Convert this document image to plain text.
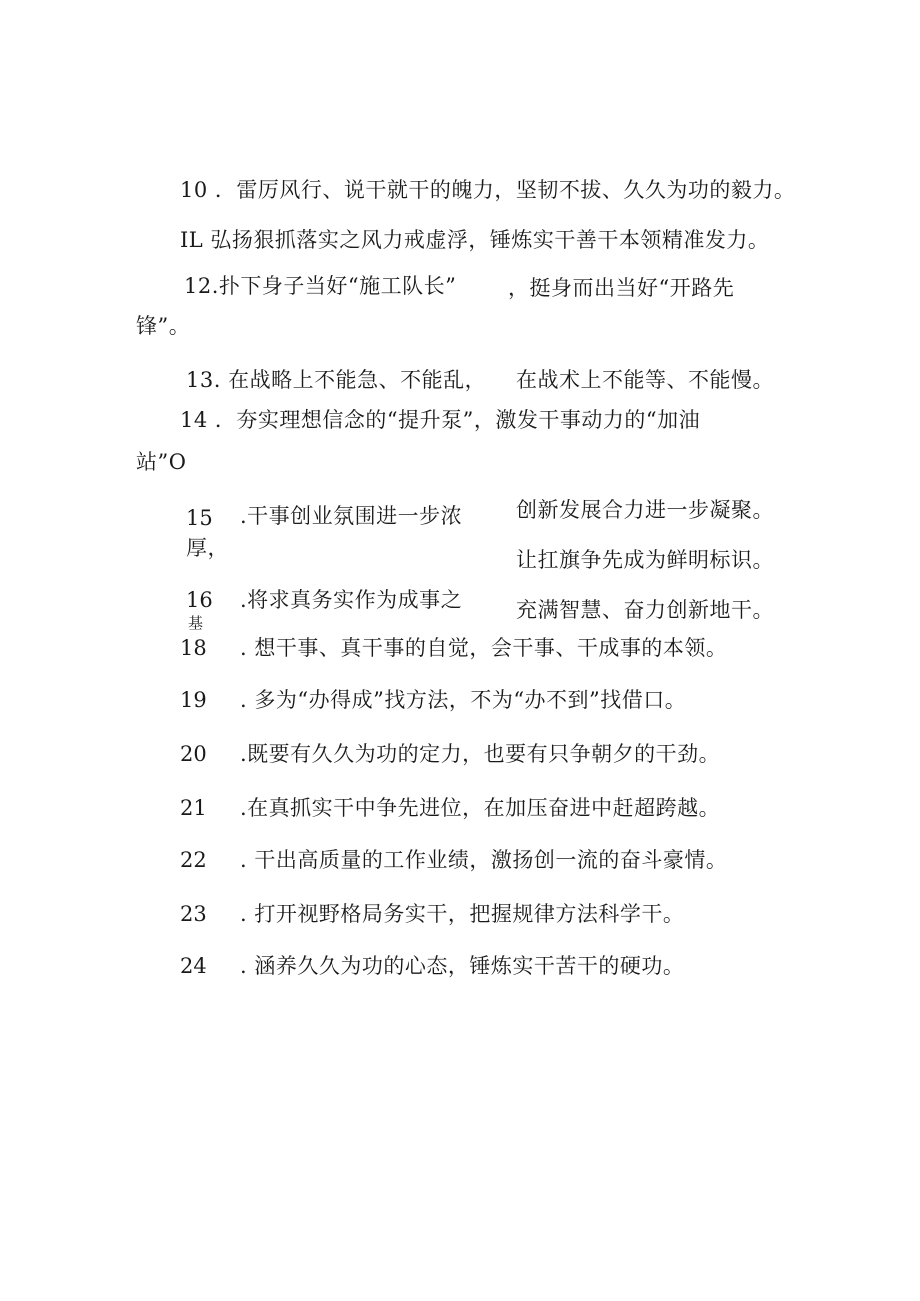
10 ．雷厉风行、说干就干的魄力，坚韧不拔、久久为功的毅力。
IL 弘扬狠抓落实之风力戒虚浮，锤炼实干善干本领精准发力。
12.扑下身子当好“施工队长” ，挺身而出当好“开路先
锋”。
13. 在战略上不能急、不能乱， 在战术上不能等、不能慢。
14 ．夯实理想信念的“提升泵”，激发干事动力的“加油
站”O
15 .干事创业氛围进一步浓
厚，
创新发展合力进一步凝聚。
让扛旗争先成为鲜明标识。
16 .将求真务实作为成事之
基
充满智慧、奋力创新地干。
18 . 想干事、真干事的自觉，会干事、干成事的本领。
19 . 多为“办得成”找方法，不为“办不到”找借口。
20 .既要有久久为功的定力，也要有只争朝夕的干劲。
21 .在真抓实干中争先进位，在加压奋进中赶超跨越。
22 . 干出高质量的工作业绩，激扬创一流的奋斗豪情。
23 . 打开视野格局务实干，把握规律方法科学干。
24 . 涵养久久为功的心态，锤炼实干苦干的硬功。
